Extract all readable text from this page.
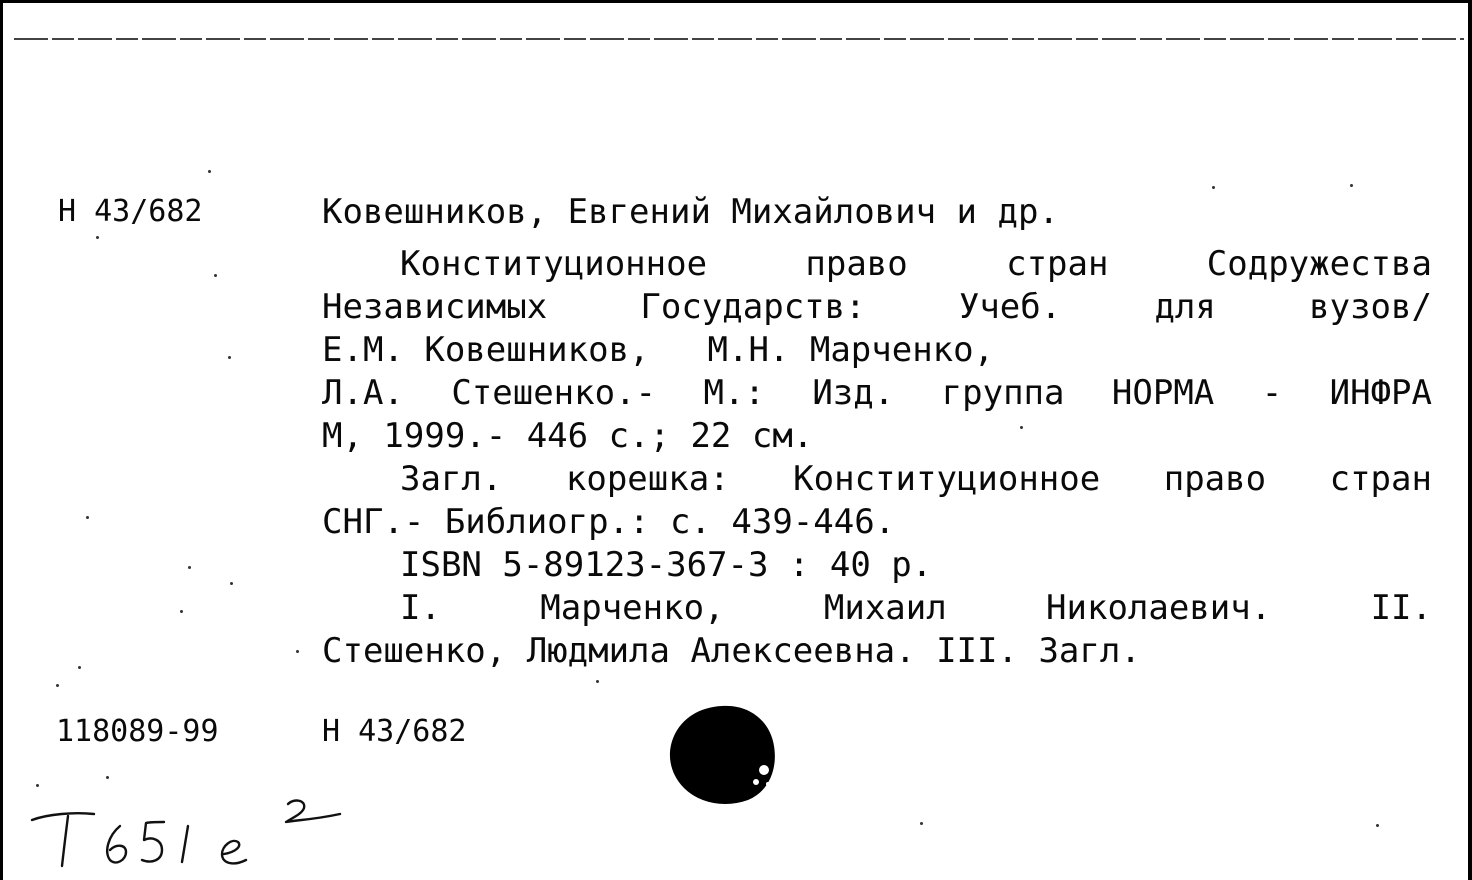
Н 43/682	Ковешников, Евгений Михайлович и др.
Конституционное	право	стран	Содружества
Независимых	Государств:	Учеб.	для	вузов/
Е.М. Ковешников, М.Н. Марченко,
Л.А. Стешенко.- М.: Изд. группа НОРМА - ИНФРА
М, 1999.- 446 с.; 22 см.
Загл. корешка: Конституционное право стран
СНГ.- Библиогр.: с. 439-446.
ISBN 5-89123-367-3 : 40 р.
I.	Марченко,	Михаил	Николаевич.	II.
Стешенко, Людмила Алексеевна. III. Загл.
118089-99	Н 43/682
